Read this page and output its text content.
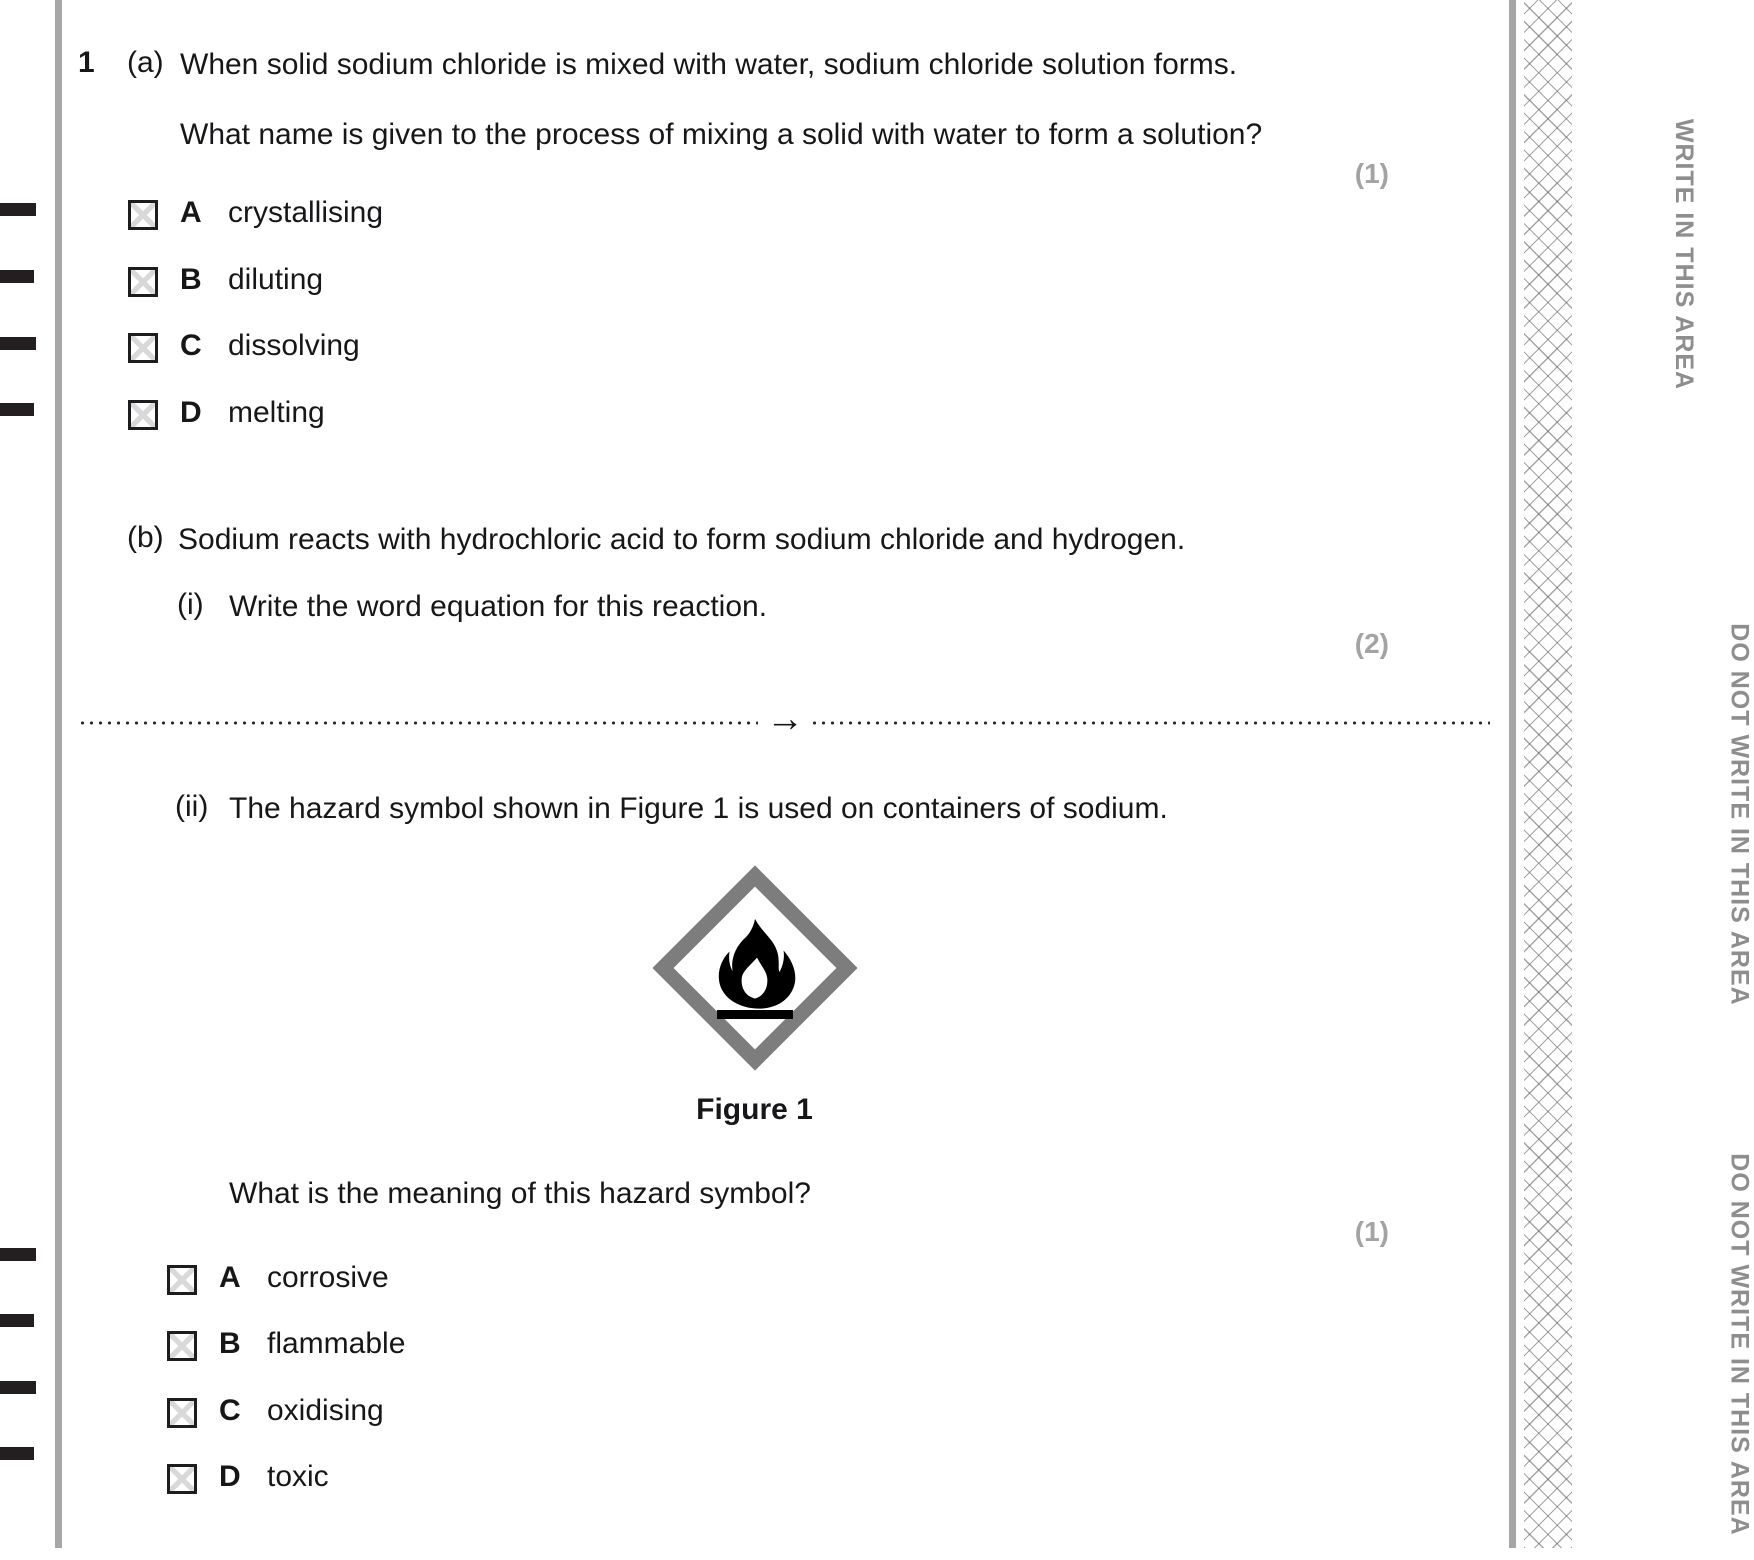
WRITE IN THIS AREA
DO NOT WRITE IN THIS AREA
DO NOT WRITE IN THIS AREA
1 (a) When solid sodium chloride is mixed with water, sodium chloride solution forms.
What name is given to the process of mixing a solid with water to form a solution?
(1)
A crystallising
B diluting
C dissolving
D melting
(b) Sodium reacts with hydrochloric acid to form sodium chloride and hydrogen.
(i) Write the word equation for this reaction.
(2)
→
(ii) The hazard symbol shown in Figure 1 is used on containers of sodium.
Figure 1
What is the meaning of this hazard symbol?
(1)
A corrosive
B flammable
C oxidising
D toxic
